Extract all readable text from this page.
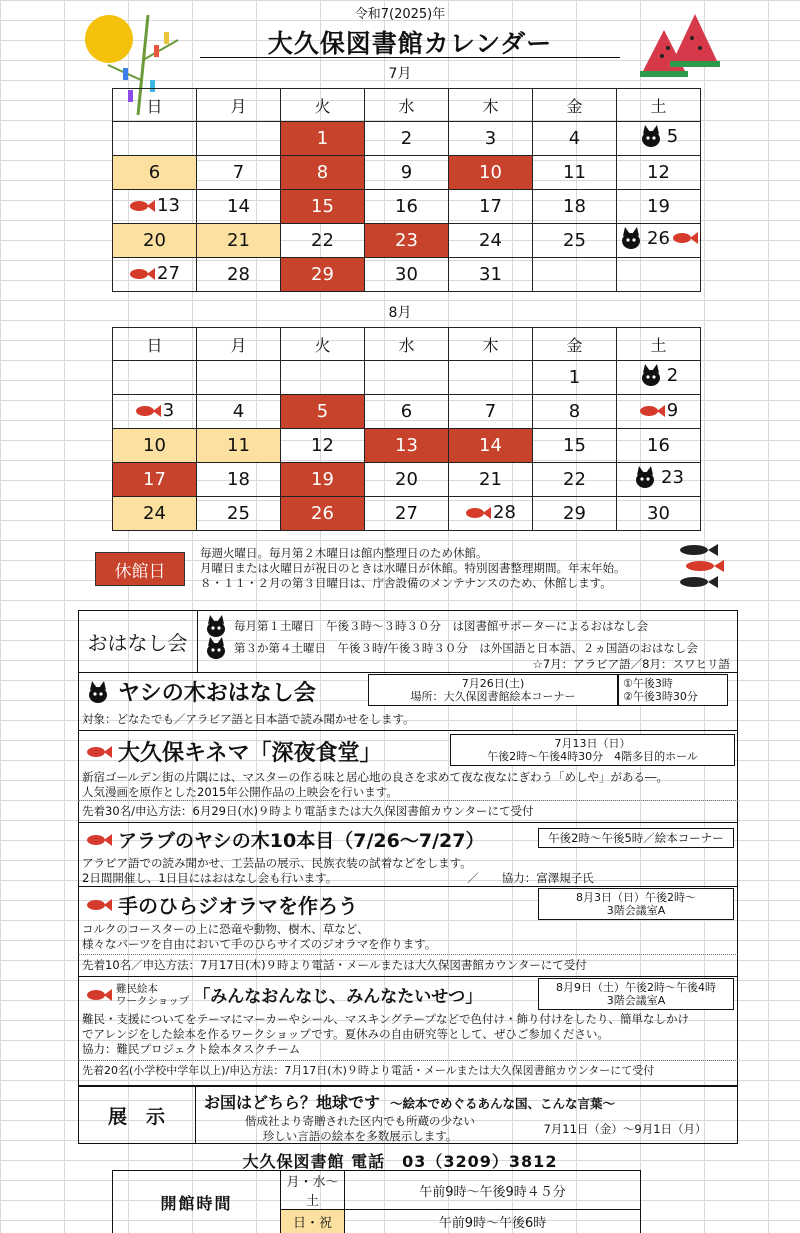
令和7(2025)年
大久保図書館カレンダー
7月
日	月	火	水	木	金	土

		1	2	3	4	5

6	7	8	9	10	11	12

13	14	15	16	17	18	19

20	21	22	23	24	25	26

27	28	29	30	31		

8月
日	月	火	水	木	金	土

					1	2

3	4	5	6	7	8	9

10	11	12	13	14	15	16

17	18	19	20	21	22	23

24	25	26	27	28	29	30
休館日
毎週火曜日。毎月第２木曜日は館内整理日のため休館。
月曜日または火曜日が祝日のときは水曜日が休館。特別図書整理期間。年末年始。
８・１１・２月の第３日曜日は、庁舎設備のメンテナンスのため、休館します。
おはなし会
毎月第１土曜日　午後３時～３時３０分　は図書館サポーターによるおはなし会
第３か第４土曜日　午後３時/午後３時３０分　は外国語と日本語、２ヵ国語のおはなし会
☆7月：アラビア語／8月：スワヒリ語
ヤシの木おはなし会	7月26日(土)
場所：大久保図書館絵本コーナー
①午後3時
②午後3時30分
対象：どなたでも／アラビア語と日本語で読み聞かせをします。
大久保キネマ「深夜食堂」	7月13日（日）
午後2時～午後4時30分　4階多目的ホール
新宿ゴールデン街の片隅には、マスターの作る味と居心地の良さを求めて夜な夜なにぎわう「めしや」がある―。
人気漫画を原作とした2015年公開作品の上映会を行います。
先着30名/申込方法：6月29日(水)９時より電話または大久保図書館カウンターにて受付
アラブのヤシの木10本目（7/26～7/27）	午後2時～午後5時／絵本コーナー
アラビア語での読み聞かせ、工芸品の展示、民族衣装の試着などをします。
2日間開催し、1日目にはおはなし会も行います。	／　　協力：富澤規子氏
手のひらジオラマを作ろう	8月3日（日）午後2時～
3階会議室A
コルクのコースターの上に恐竜や動物、樹木、草など、
様々なパーツを自由において手のひらサイズのジオラマを作ります。
先着10名／申込方法：7月17日(木)９時より電話・メールまたは大久保図書館カウンターにて受付
難民絵本
ワークショップ 「みんなおんなじ、みんなたいせつ」	8月9日（土）午後2時～午後4時
3階会議室A
難民・支援についてをテーマにマーカーやシール、マスキングテープなどで色付け・飾り付けをしたり、簡単なしかけ
でアレンジをした絵本を作るワークショップです。夏休みの自由研究等として、ぜひご参加ください。
協力：難民プロジェクト絵本タスクチーム
先着20名(小学校中学年以上)/申込方法：7月17日(木)９時より電話・メールまたは大久保図書館カウンターにて受付
展　示
お国はどちら？地球です ～絵本でめぐるあんな国、こんな言葉～
偕成社より寄贈された区内でも所蔵の少ない
珍しい言語の絵本を多数展示します。	7月11日（金）～9月1日（月）
大久保図書館 電話　03（3209）3812
開館時間	月・水～土	午前9時～午後9時４５分
	日・祝	午前9時～午後6時
